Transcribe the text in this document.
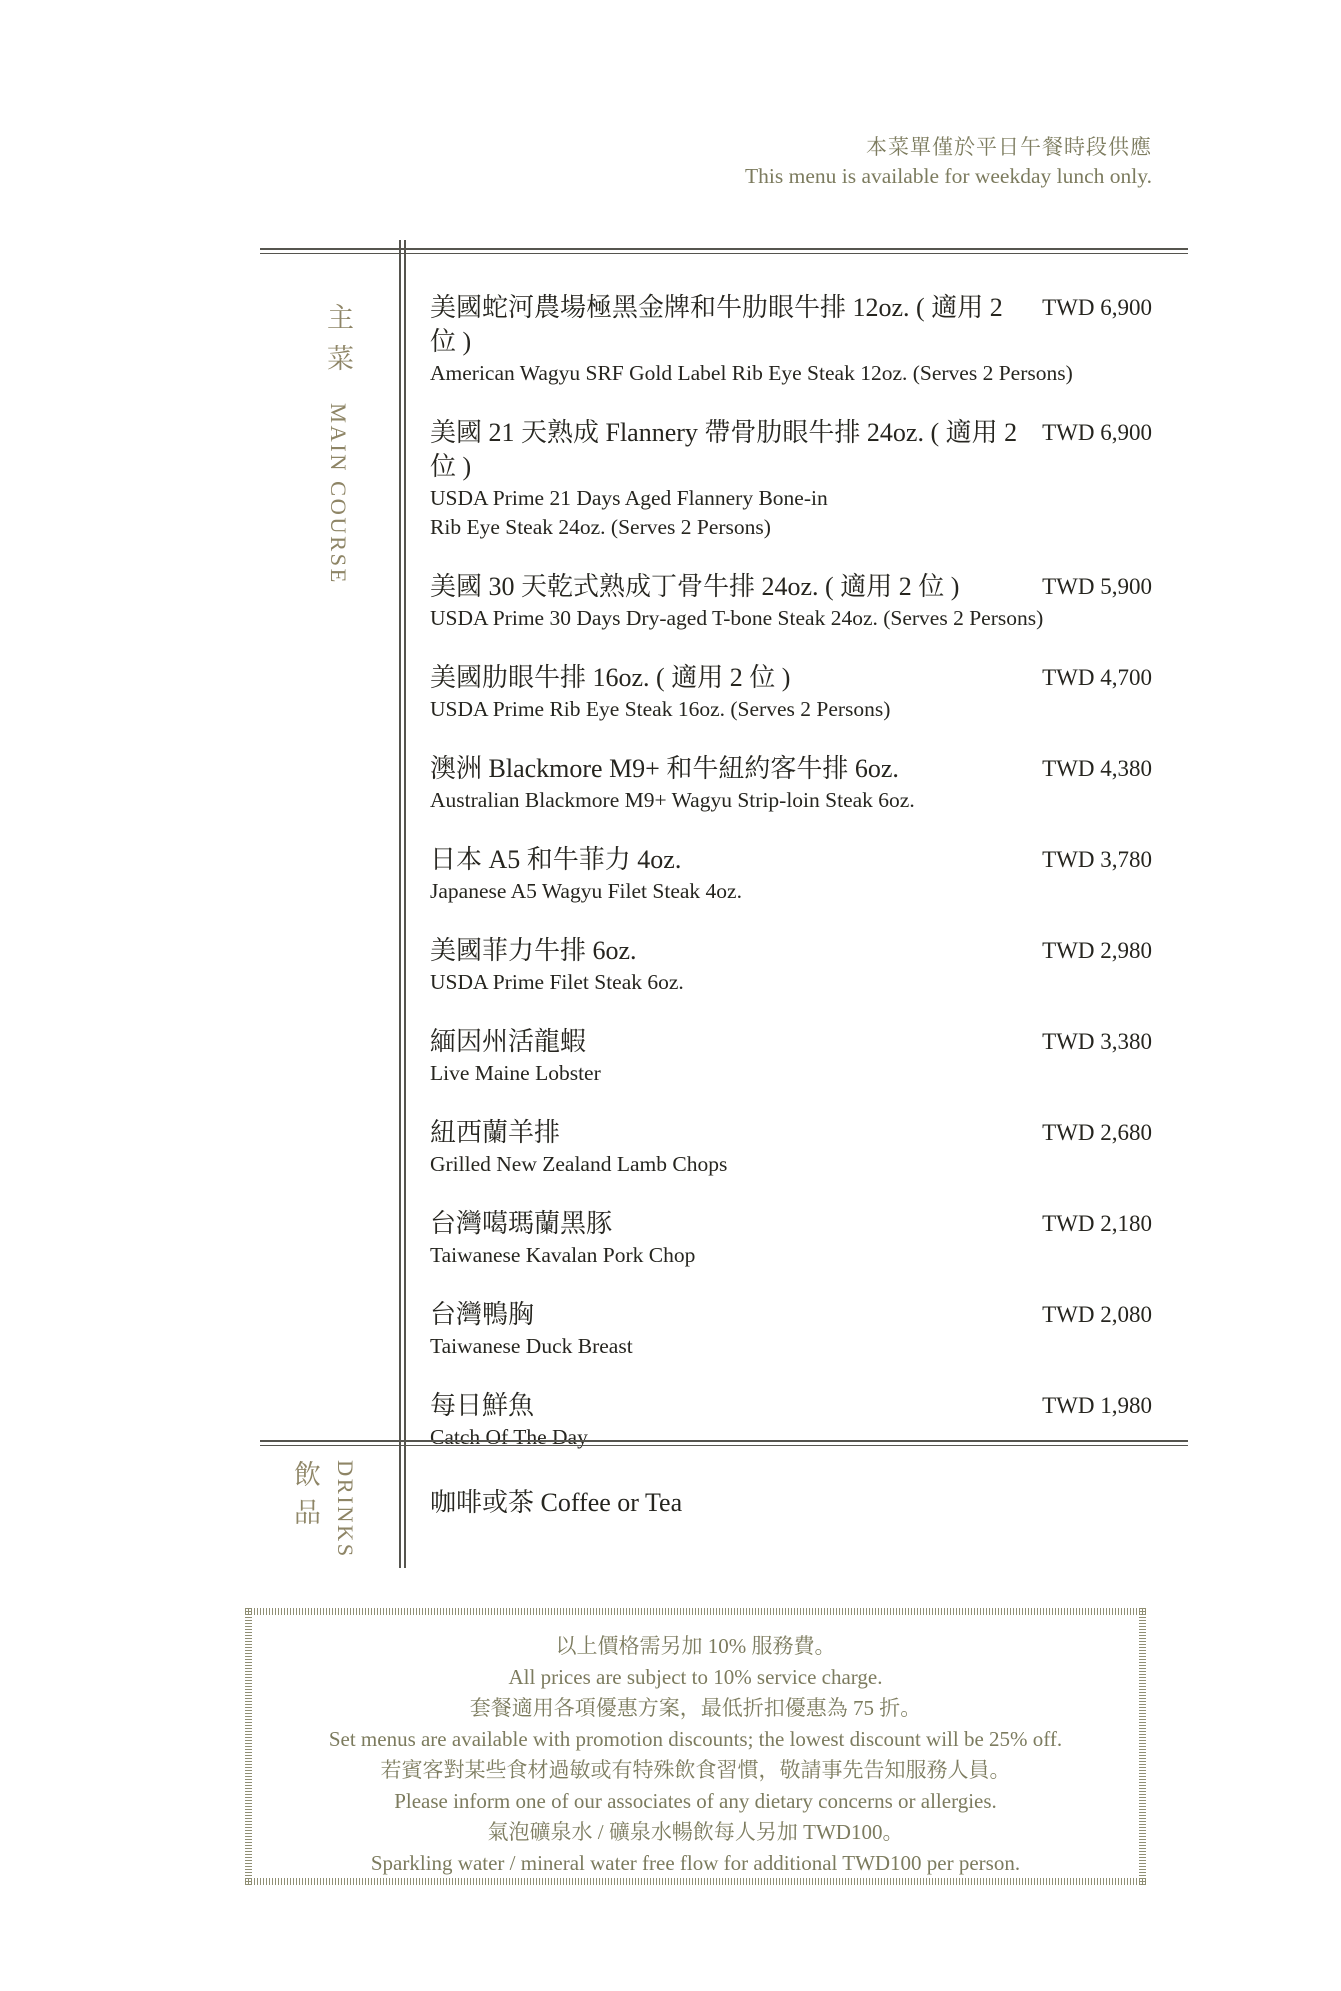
本菜單僅於平日午餐時段供應
This menu is available for weekday lunch only.
主菜 MAIN COURSE
美國蛇河農場極黑金牌和牛肋眼牛排 12oz. ( 適用 2 位 )
American Wagyu SRF Gold Label Rib Eye Steak 12oz. (Serves 2 Persons)
TWD 6,900
美國 21 天熟成 Flannery 帶骨肋眼牛排 24oz. ( 適用 2 位 )
USDA Prime 21 Days Aged Flannery Bone-in
Rib Eye Steak 24oz. (Serves 2 Persons)
TWD 6,900
美國 30 天乾式熟成丁骨牛排 24oz. ( 適用 2 位 )
USDA Prime 30 Days Dry-aged T-bone Steak 24oz. (Serves 2 Persons)
TWD 5,900
美國肋眼牛排 16oz. ( 適用 2 位 )
USDA Prime Rib Eye Steak 16oz. (Serves 2 Persons)
TWD 4,700
澳洲 Blackmore M9+ 和牛紐約客牛排 6oz.
Australian Blackmore M9+ Wagyu Strip-loin Steak 6oz.
TWD 4,380
日本 A5 和牛菲力 4oz.
Japanese A5 Wagyu Filet Steak 4oz.
TWD 3,780
美國菲力牛排 6oz.
USDA Prime Filet Steak 6oz.
TWD 2,980
緬因州活龍蝦
Live Maine Lobster
TWD 3,380
紐西蘭羊排
Grilled New Zealand Lamb Chops
TWD 2,680
台灣噶瑪蘭黑豚
Taiwanese Kavalan Pork Chop
TWD 2,180
台灣鴨胸
Taiwanese Duck Breast
TWD 2,080
每日鮮魚
Catch Of The Day
TWD 1,980
飲品 DRINKS	咖啡或茶 Coffee or Tea
以上價格需另加 10% 服務費。
All prices are subject to 10% service charge.
套餐適用各項優惠方案，最低折扣優惠為 75 折。
Set menus are available with promotion discounts; the lowest discount will be 25% off.
若賓客對某些食材過敏或有特殊飲食習慣，敬請事先告知服務人員。
Please inform one of our associates of any dietary concerns or allergies.
氣泡礦泉水 / 礦泉水暢飲每人另加 TWD100。
Sparkling water / mineral water free flow for additional TWD100 per person.
